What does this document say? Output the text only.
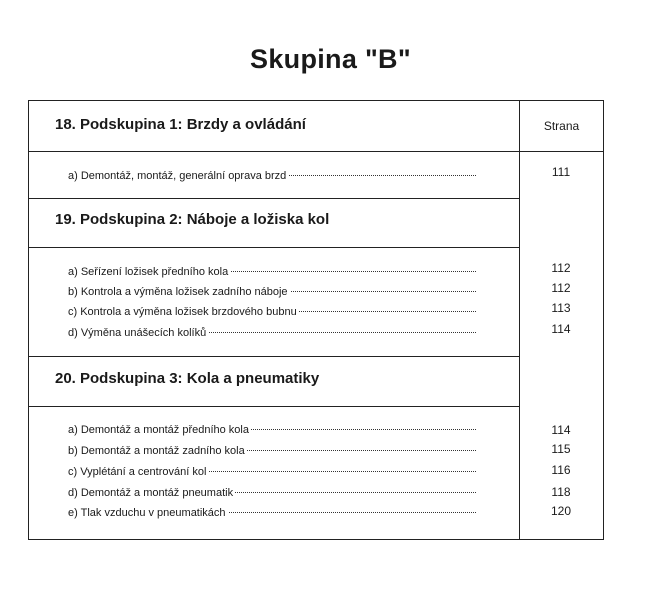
Skupina "B"
Strana
18. Podskupina 1: Brzdy a ovládání
a) Demontáž, montáž, generální oprava brzd	111
19. Podskupina 2: Náboje a ložiska kol
a) Seřízení ložisek předního kola	112
b) Kontrola a výměna ložisek zadního náboje	112
c) Kontrola a výměna ložisek brzdového bubnu	113
d) Výměna unášecích kolíků	114
20. Podskupina 3: Kola a pneumatiky
a) Demontáž a montáž předního kola	114
b) Demontáž a montáž zadního kola	115
c) Vyplétání a centrování kol	116
d) Demontáž a montáž pneumatik	118
e) Tlak vzduchu v pneumatikách	120
